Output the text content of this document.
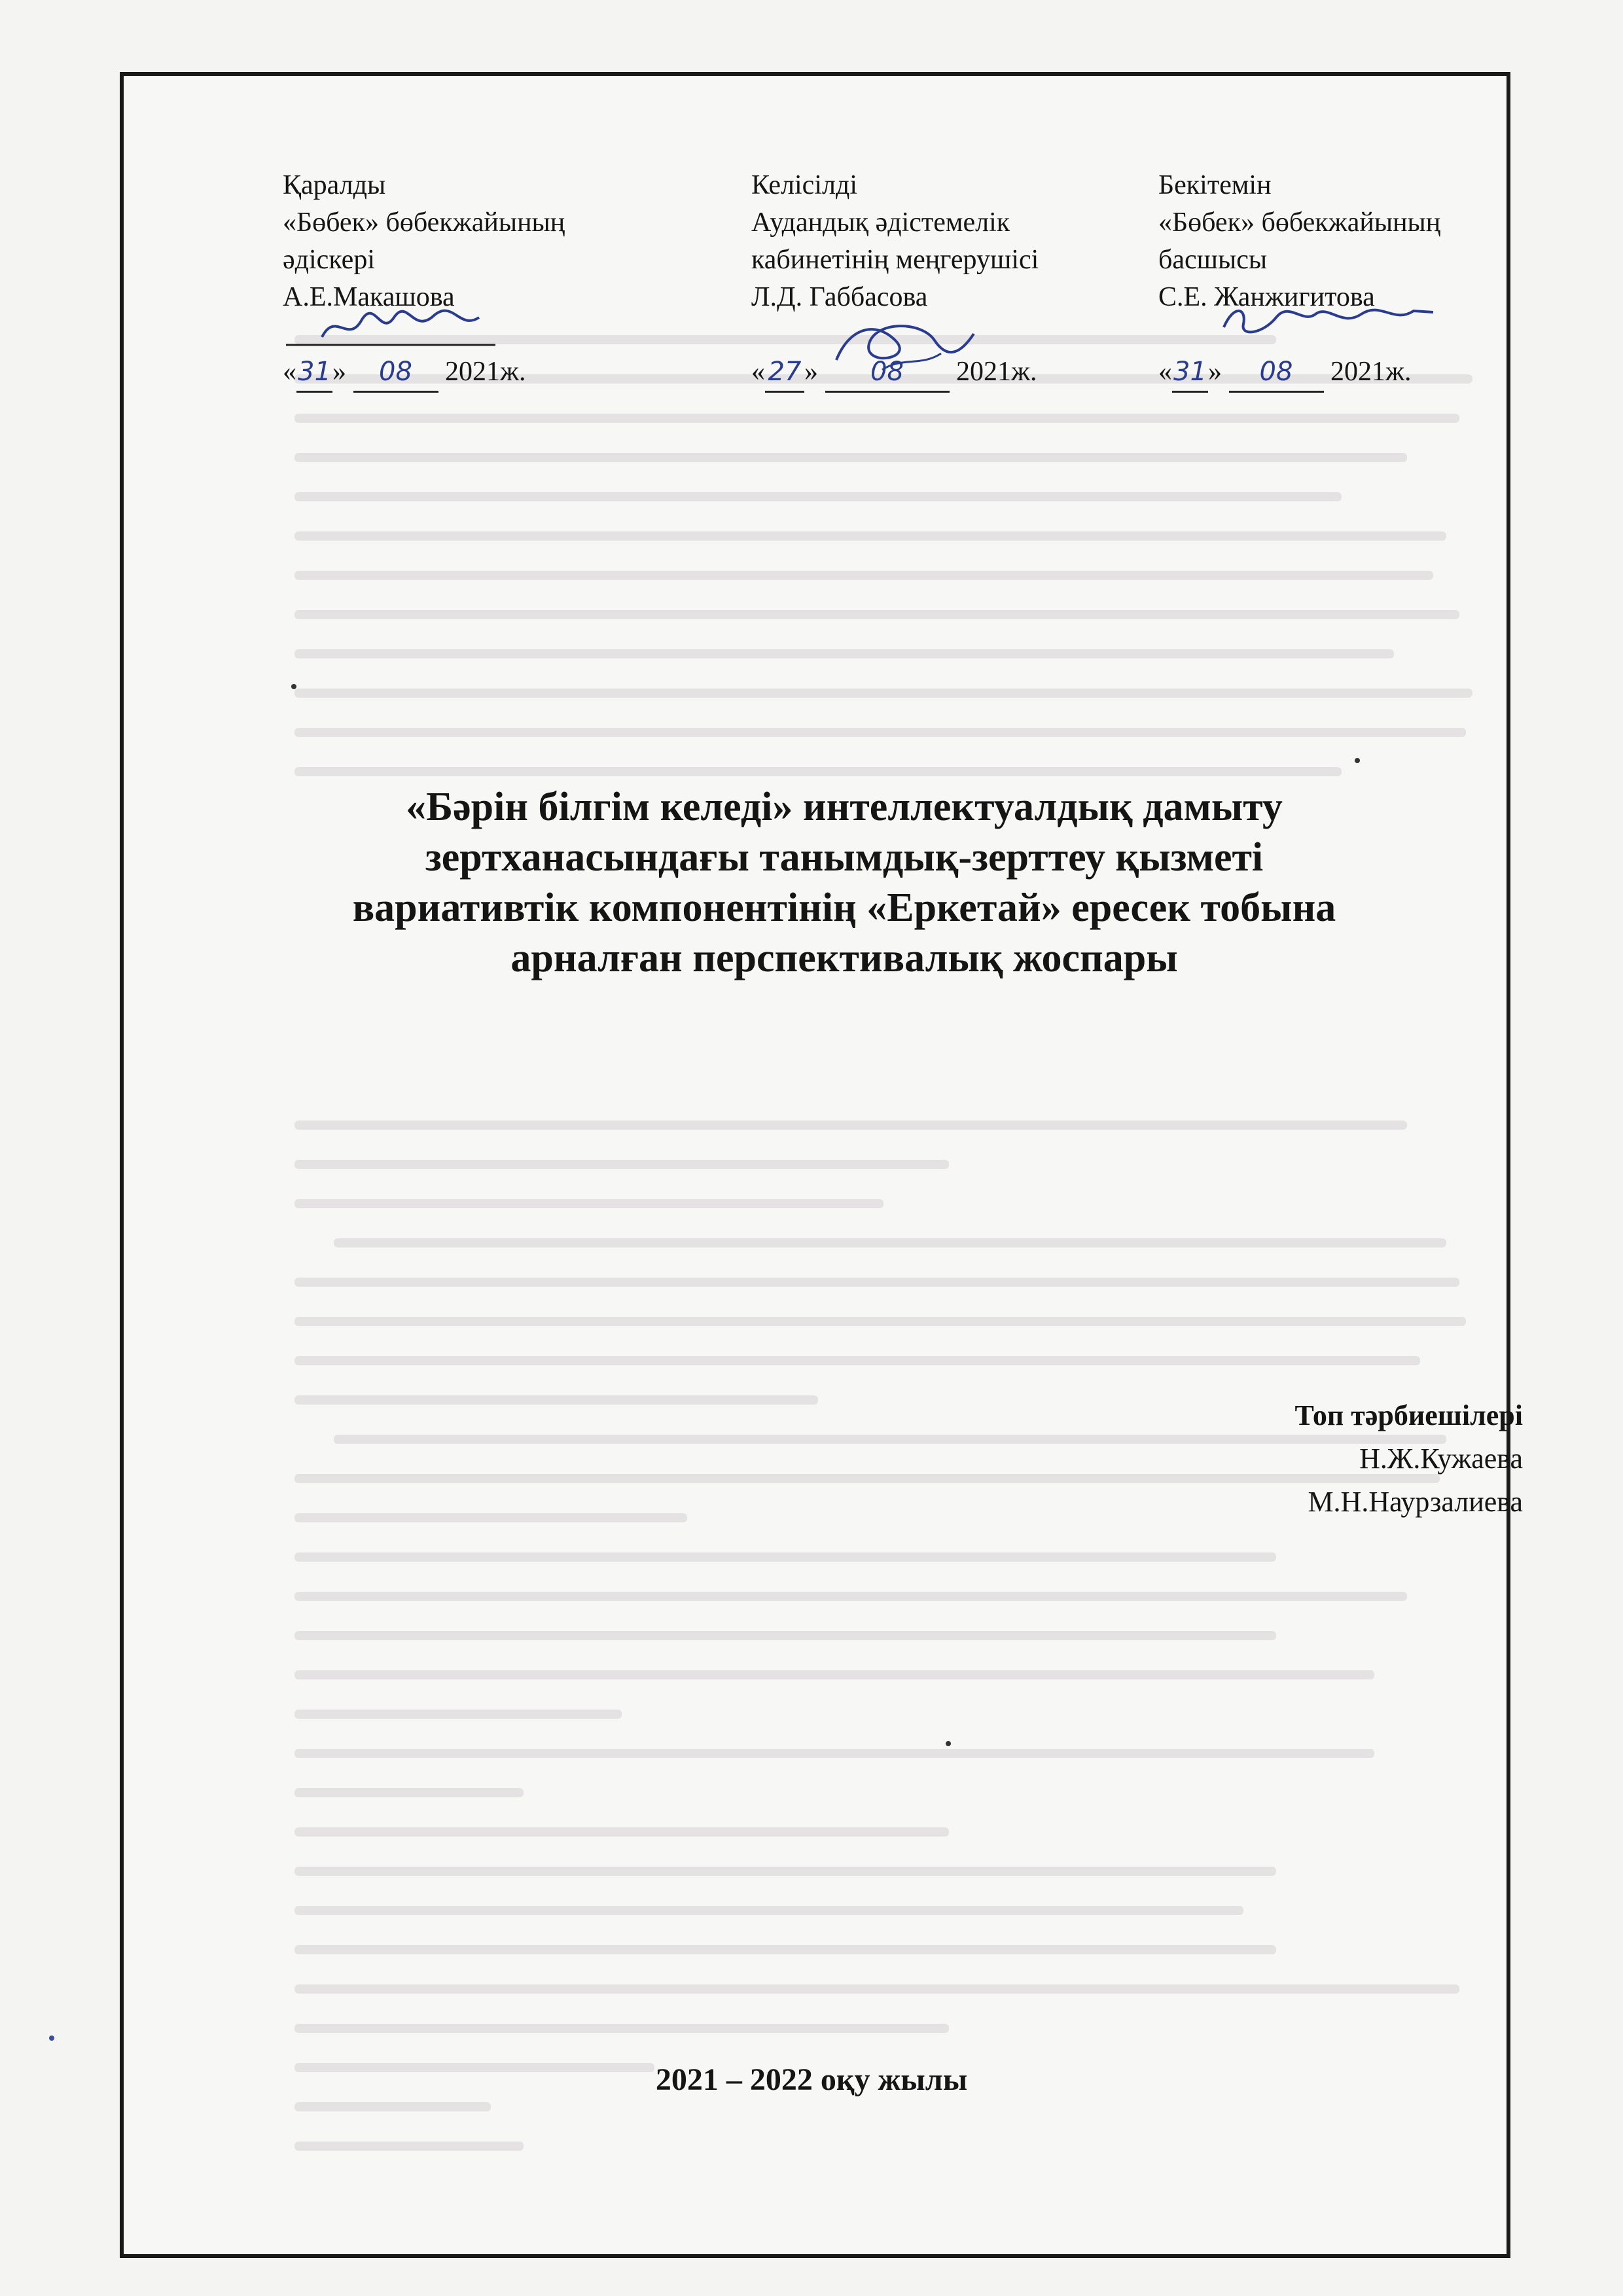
Қаралды
«Бөбек» бөбекжайының
әдіскері
А.Е.Макашова
«31» 08 2021ж.
Келісілді
Аудандық әдістемелік
кабинетінің меңгерушісі
Л.Д. Габбасова
« 27 » 08 2021ж.
Бекітемін
«Бөбек» бөбекжайының
басшысы
С.Е. Жанжигитова
«31» 08 2021ж.
«Бәрін білгім келеді» интеллектуалдық дамыту
зертханасындағы танымдық-зерттеу қызметі
вариативтік компонентінің «Еркетай» ересек тобына
арналған перспективалық жоспары
Топ тәрбиешілері
Н.Ж.Кужаева
М.Н.Наурзалиева
2021 – 2022 оқу жылы
